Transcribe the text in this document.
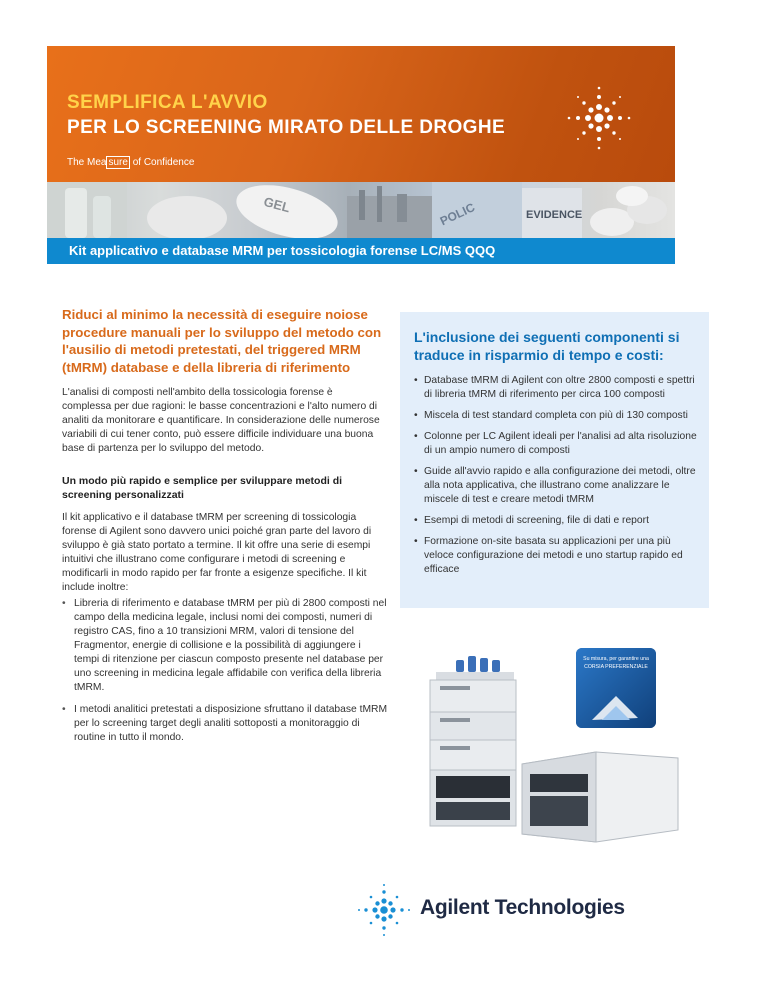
SEMPLIFICA L'AVVIO
PER LO SCREENING MIRATO DELLE DROGHE
The Mea sure of Confidence
GEL	POLIC	EVIDENCE
Kit applicativo e database MRM per tossicologia forense LC/MS QQQ

Riduci al minimo la necessità di eseguire noiose procedure manuali per lo sviluppo del metodo con l'ausilio di metodi pretestati, del triggered MRM (tMRM) database e della libreria di riferimento

L'analisi di composti nell'ambito della tossicologia forense è complessa per due ragioni: le basse concentrazioni e l'alto numero di analiti da monitorare e quantificare. In considerazione delle numerose variabili di cui tener conto, può essere difficile individuare una buona base di partenza per lo sviluppo del metodo.

Un modo più rapido e semplice per sviluppare metodi di screening personalizzati

Il kit applicativo e il database tMRM per screening di tossicologia forense di Agilent sono davvero unici poiché gran parte del lavoro di sviluppo è già stato portato a termine. Il kit offre una serie di esempi intuitivi che illustrano come configurare i metodi di screening e modificarli in modo rapido per far fronte a esigenze specifiche. Il kit include inoltre:

• Libreria di riferimento e database tMRM per più di 2800 composti nel campo della medicina legale, inclusi nomi dei composti, numeri di registro CAS, fino a 10 transizioni MRM, valori di tensione del Fragmentor, energie di collisione e la possibilità di aggiungere i tempi di ritenzione per ciascun composto presente nel database per uno screening in medicina legale affidabile con verifica della libreria tMRM.
• I metodi analitici pretestati a disposizione sfruttano il database tMRM per lo screening target degli analiti sottoposti a monitoraggio di routine in tutto il mondo.
L'inclusione dei seguenti componenti si traduce in risparmio di tempo e costi:
• Database tMRM di Agilent con oltre 2800 composti e spettri di libreria tMRM di riferimento per circa 100 composti
• Miscela di test standard completa con più di 130 composti
• Colonne per LC Agilent ideali per l'analisi ad alta risoluzione di un ampio numero di composti
• Guide all'avvio rapido e alla configurazione dei metodi, oltre alla nota applicativa, che illustrano come analizzare le miscele di test e creare metodi tMRM
• Esempi di metodi di screening, file di dati e report
• Formazione on-site basata su applicazioni per una più veloce configurazione dei metodi e uno startup rapido ed efficace
Su misura, per garantire una
CORSIA PREFERENZIALE
Agilent Technologies
